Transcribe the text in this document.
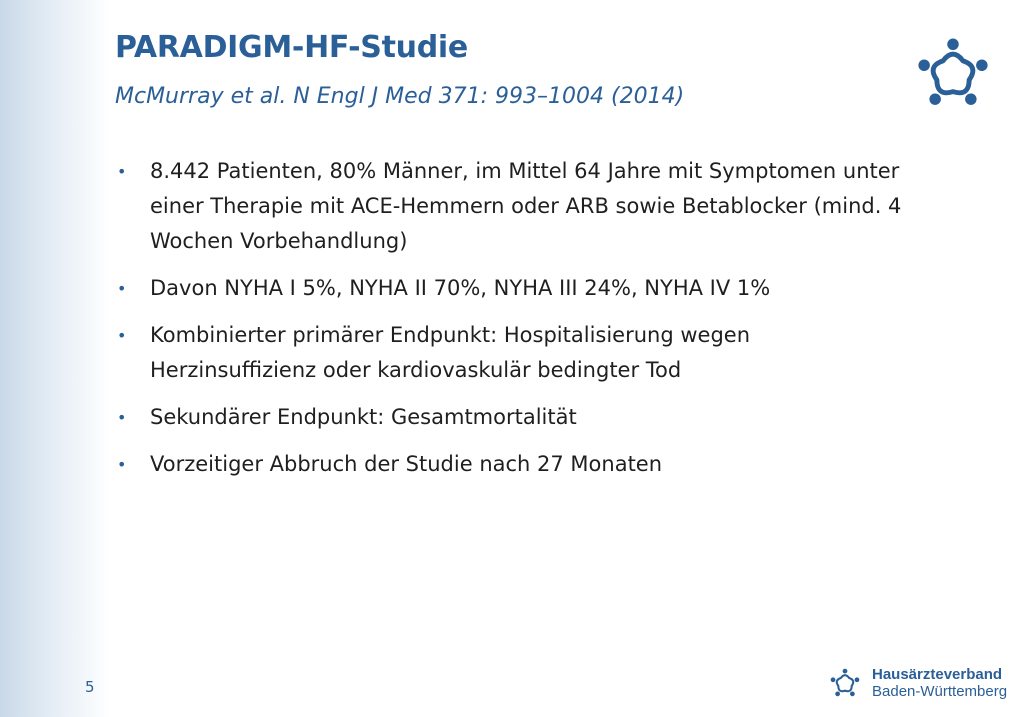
PARADIGM-HF-Studie
McMurray et al. N Engl J Med 371: 993–1004 (2014)
• 8.442 Patienten, 80% Männer, im Mittel 64 Jahre mit Symptomen unter einer Therapie mit ACE-Hemmern oder ARB sowie Betablocker (mind. 4 Wochen Vorbehandlung)
• Davon NYHA I 5%, NYHA II 70%, NYHA III 24%, NYHA IV 1%
• Kombinierter primärer Endpunkt: Hospitalisierung wegen Herzinsuffizienz oder kardiovaskulär bedingter Tod
• Sekundärer Endpunkt: Gesamtmortalität
• Vorzeitiger Abbruch der Studie nach 27 Monaten
5
Hausärzteverband
Baden-Württemberg
